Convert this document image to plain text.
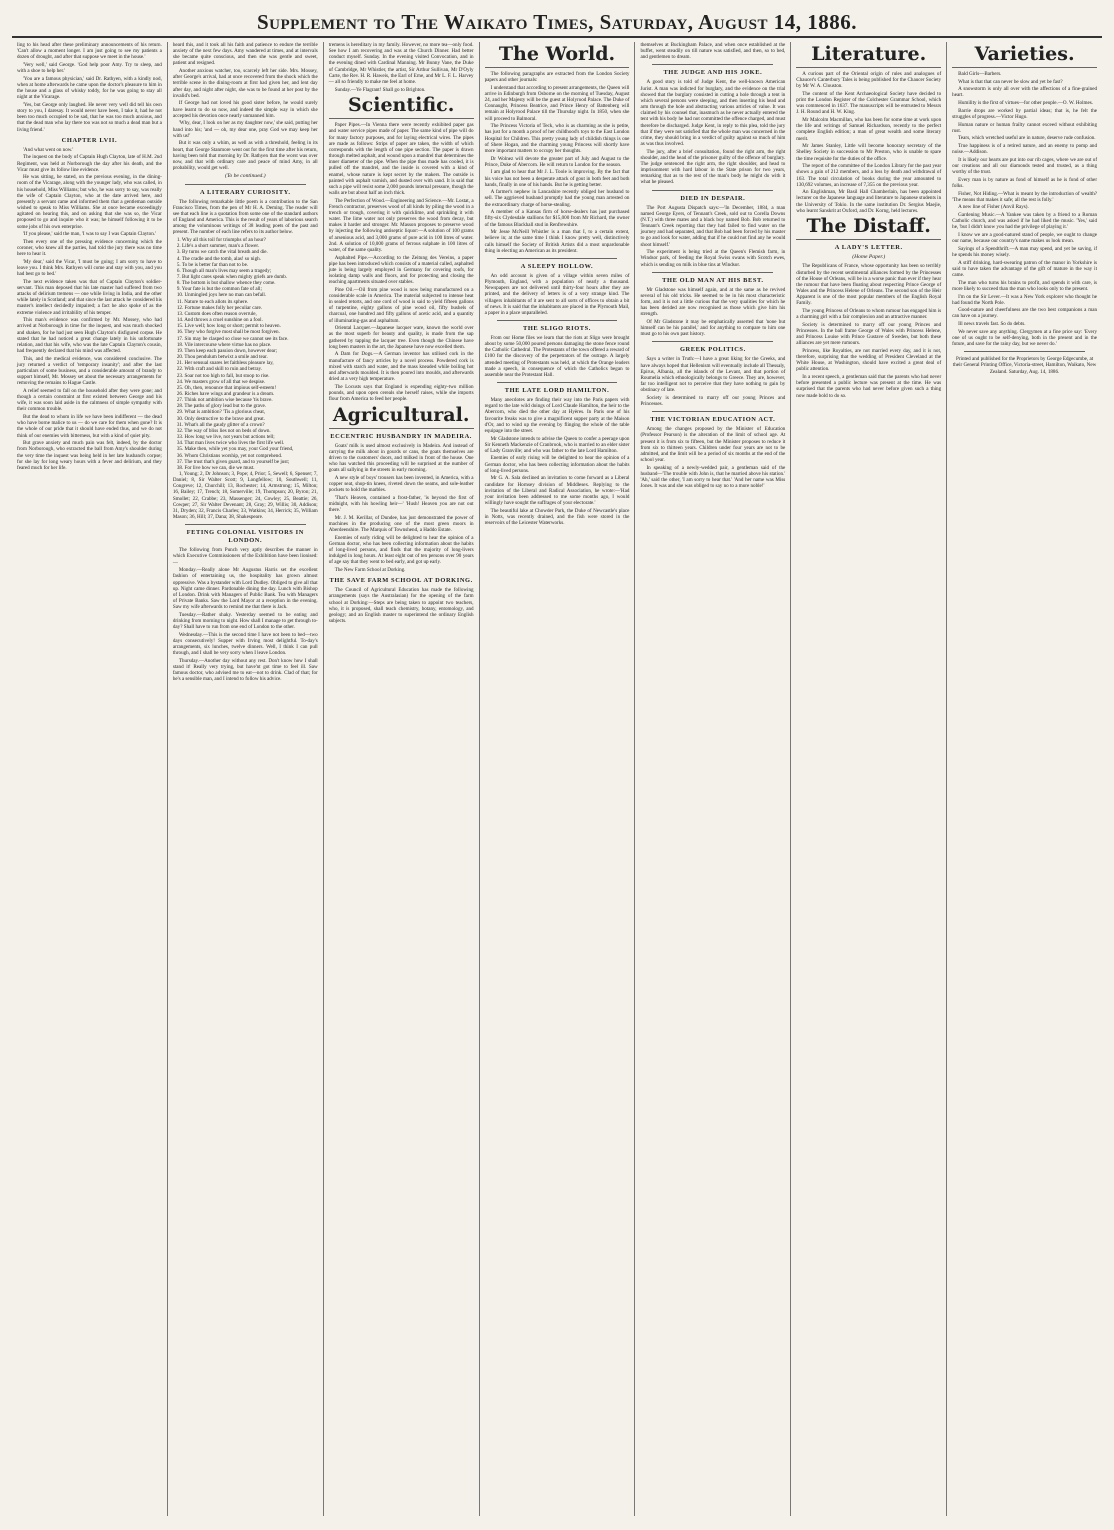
Supplement to The Waikato Times, Saturday, August 14, 1886.

ling to his head after these preliminary announcements of his return. 'Can't allow a moment longer. I am just going to see my patients a dozen of drought, and after that suppose we meet in the house.'

'Very well,' said George. 'God help poor Amy. Try to sleep, and with a shoe to help her.'

'You are a famous physician,' said Dr. Rathyen, with a kindly nod, when at home afterwards he came upon the doctor's pleasure to him in the house and a glass of whisky toddy, for he was going to stay all night at the Vicarage.

'Yes, but George only laughed. He never very well did tell his own story to you, I daresay. It would never have been, I take it, had he not been too much occupied to be sad, that he was too much anxious, and that the dead man who lay there too was not so much a dead man but a living friend.'

CHAPTER LVII.

'And what went on now.'

The inquest on the body of Captain Hugh Clayton, late of H.M. 2nd Regiment, was held at Norborough the day after his death, and the Vicar must give its follow line evidence.

He was sitting, he stated, on the previous evening, in the dining-room of the Vicarage, along with the younger lady, who was called, in his household, Miss Williams; but who, he was sorry to say, was really the wife of Captain Clayton, who at the date arrived here, and presently a servant came and informed them that a gentleman outside wished to speak to Miss Williams. She at once became exceedingly agitated on hearing this, and on asking that she was so, the Vicar proposed to go and inquire who it was; he himself following it to be some jobs of his own enterprise.

'If you please,' said the man, 'I was to say I was Captain Clayton.'

Then every one of the pressing evidence concerning which the coroner, who knew all the parties, had told the jury there was no time here to hear it.

'My dear,' said the Vicar, 'I must be going; I am sorry to have to leave you. I think Mrs. Rathyen will come and stay with you, and you had best go to bed.'

The next evidence taken was that of Captain Clayton's soldier-servant. This man deposed that his late master had suffered from two attacks of delirium tremens — one while living in India, and the other while lately in Scotland; and that since the last attack he considered his master's intellect decidedly impaired; a fact he also spoke of as the extreme violence and irritability of his temper.

This man's evidence was confirmed by Mr. Mossey, who had arrived at Norborough in time for the inquest, and was much shocked and shaken, for he had just seen Hugh Clayton's disfigured corpse. He stated that he had noticed a great change lately in his unfortunate relation, and that his wife, who was the late Captain Clayton's cousin, had frequently declared that his mind was affected.

This, and the medical evidence, was considered conclusive. The jury returned a verdict of 'temporary insanity'; and after the last particulars of some business, and a considerable amount of brandy to support himself, Mr. Mossey set about the necessary arrangements for removing the remains to Hague Castle.

A relief seemed to fall on the household after they were gone; and though a certain constraint at first existed between George and his wife, it was soon laid aside in the calmness of simple sympathy with their common trouble.

But the dead to whom in life we have been indifferent — the dead who have borne malice to us — do we care for them when gone? It is the whole of our pride that it should have ended thus, and we do not think of our enemies with bitterness, but with a kind of quiet pity.

But grave anxiety and much pain was felt, indeed, by the doctor from Norborough, who extracted the ball from Amy's shoulder during the very time the inquest was being held in her late husband's corpse; for she lay for long weary hours with a fever and delirium, and they feared much for her life.

heard this, and it took all his faith and patience to endure the terrible anxiety of the next few days. Amy wandered at times, and at intervals she became quite conscious, and then she was gentle and sweet, patient and resigned.

Another anxious watcher, too, scarcely left her side. Mrs. Mossey, after George's arrival, had at once recovered from the shock which the terrible scene in the dining-room at first had given her, and lent day after day, and night after night, she was to be found at her post by the invalid's bed.

If George had not loved his good sister before, he would surely have learnt to do so now, and indeed the simple way in which she accepted his devotion once nearly unmanned him.

'Why, dear, I look on her as my daughter now,' she said, putting her hand into his; 'and — oh, my dear one, pray God we may keep her with us!'

But it was only a whim, as well as with a threshold, feeling in its heart, that George Stanmore went out for the first time after his return, having been told that morning by Dr. Rathyen that the worst was over now, and that with ordinary care and peace of mind Amy, in all probability, would get well.

(To be continued.)
A LITERARY CURIOSITY.

The following remarkable little poem is a contribution to the San Francisco Times, from the pen of Mr H. A. Deming. The reader will see that each line is a quotation from some one of the standard authors of England and America. This is the result of years of laborious search among the voluminous writings of 38 leading poets of the past and present. The number of each line refers to its author below.

1. Why all this toil for triumphs of an hour?
2. Life's a short summer, man's a flower.
3. By turns we catch the vital breath and die.
4. The cradle and the tomb, alas! so nigh.
5. To be is better far than not to be.
6. Though all man's lives may seem a tragedy;
7. But light cares speak when mighty griefs are dumb.
8. The bottom is but shallow whence they come.
9. Your fate is but the common fate of all;
10. Unmingled joys here no man can befall.
11. Nature to each allots its sphere.
12. Fortune makes folly her peculiar care.
13. Custom does often reason overrule,
14. And throws a cruel sunshine on a fool.
15. Live well; how long or short; permit to heaven.
16. They who forgive most shall be most forgiven.
17. Sin may be clasped so close we cannot see its face.
18. Vile intercourse where virtue has no place.
19. Then keep each passion down, however dear;
20. Thou pendulum betwixt a smile and tear.
21. Her sensual snares let faithless pleasure lay,
22. With craft and skill to ruin and betray.
23. Soar not too high to fall, but stoop to rise.
24. We masters grow of all that we despise.
25. Oh, then, renounce that impious self-esteem!
26. Riches have wings and grandeur is a dream.
27. Think not ambition wise because 'tis brave.
28. The paths of glory lead but to the grave.
29. What is ambition? 'Tis a glorious cheat,
30. Only destructive to the brave and great.
31. What's all the gaudy glitter of a crown?
32. The way of bliss lies not on beds of down.
33. How long we live, not years but actions tell;
34. That man lives twice who lives the first life well.
35. Make then, while yet you may, your God your friend,
36. Whom Christians worship, yet not comprehend.
37. The trust that's given guard, and to yourself be just;
38. For live how we can, die we must.

1, Young; 2, Dr Johnson; 3, Pope; 4, Prior; 5, Sewell; 6, Spenser; 7, Daniel; 8, Sir Walter Scott; 9, Longfellow; 10, Southwell; 11, Congreve; 12, Churchill; 13, Rochester; 14, Armstrong; 15, Milton; 16, Bailey; 17, Trench; 18, Somerville; 19, Thompson; 20, Byron; 21, Smollet; 22, Crabbe; 23, Massenger; 24, Cowley; 25, Beattie; 26, Cowper; 27, Sir Walter Devenant; 28, Gray; 29, Willis; 30, Addison; 31, Dryden; 32, Francis Charles; 33, Watkins; 34, Herrick; 35, William Mason; 36, Hill; 37, Dana; 38, Shakespeare.

FETING COLONIAL VISITORS IN LONDON.

The following from Punch very aptly describes the manner in which Executive Commissioners of the Exhibition have been lionised:—

Monday.—Really alone Mr Augustus Harris set the excellent fashion of entertaining us, the hospitality has grown almost oppressive. Was a bystander with Lord Dudley. Obliged to give all that up. Night came dinner. Pardonable dining the day. Lunch with Bishop of London. Drink with Managers of Public Bank. Tea with Managers of Private Banks. Saw the Lord Mayor at a reception in the evening. Saw my wife afterwards to remind me that there is Jack.

Tuesday.—Rather shaky. Yesterday seemed to be eating and drinking from morning to night. How shall I manage to get through to-day? Shall have to run from one end of London to the other.

Wednesday.—This is the second time I have not been to bed—two days consecutively! Supper with Irving most delightful. To-day's arrangements, six lunches, twelve dinners. Well, I think I can pull through, and I shall be very sorry when I leave London.

Thursday.—Another day without any rest. Don't know how I shall stand it! Really very trying, but have'nt got time to feel ill. Saw famous doctor, who advised me to eat—not to drink. Clad of that; for he's a sensible man, and I intend to follow his advice.

tremens is hereditary in my family. However, no more tea—only food. See how I am recovering and was at the Church Dinner. Had better conduct myself. Sunday. In the evening visited Convocation, and in the evening dined with Cardinal Manning. Mr Bunny Vane, the Duke of Cambridge, Mr Whistler, the artist, Sir Arthur Sullivan, Mr D'Oyly Carte, the Rev. H. R. Haweis, the Earl of Erne, and Mr L. F. L. Harvey — all so friendly to make me feel at home.

Sunday.—Ye Flagrant! Shall go to Brighton.

Scientific.

Paper Pipes.—In Vienna there were recently exhibited paper gas and water service pipes made of paper. The same kind of pipe will do for many factory purposes, and for laying electrical wires. The pipes are made as follows: Strips of paper are taken, the width of which corresponds with the length of one pipe section. The paper is drawn through melted asphalt, and wound upon a mandrel that determines the inner diameter of the pipe. When the pipe thus made has cooled, it is pulled off the mandrel, and the inside is covered with a kind of enamel, whose nature is kept secret by the makers. The outside is painted with asphalt varnish, and dusted over with sand. It is said that such a pipe will resist some 2,000 pounds internal pressure, though the walls are but about half an inch thick.

The Perfection of Wood.—Engineering and Science.—Mr. Lostat, a French contractor, preserves wood of all kinds by piling the wood in a trench or trough, covering it with quicklime, and sprinkling it with water. The lime water not only preserves the wood from decay, but makes it harder and stronger. Mr. Masson proposes to preserve wood by injecting the following antiseptic liquor:—A solution of 100 grams of arsenious acid, and 3,000 grams of pure acid in 100 litres of water. 2nd. A solution of 10,000 grams of ferrous sulphate in 100 litres of water, of the same quality.

Asphalted Pipe.—According to the Zeitung des Vereins, a paper pipe has been introduced which consists of a material called, asphalted jute is being largely employed in Germany for covering roofs, for isolating damp walls and floors, and for protecting and closing the reaching apartments situated over stables.

Pine Oil.—Oil from pine wood is now being manufactured on a considerable scale in America. The material subjected to intense heat in sealed retorts, and one cord of wood is said to yield fifteen gallons of turpentine, eighty gallons of pine wood oil, fifty bushels of charcoal, one hundred and fifty gallons of acetic acid, and a quantity of illuminating-gas and asphaltum.

Oriental Lacquer.—Japanese lacquer ware, known the world over as the most superb for beauty and quality, is made from the sap gathered by tapping the lacquer tree. Even though the Chinese have long been masters in the art, the Japanese have now excelled them.

A Dam for Dogs.—A German inventor has utilised cork in the manufacture of fancy articles by a novel process. Powdered cork is mixed with starch and water, and the mass kneaded while boiling hot and afterwards moulded. It is then poured into moulds, and afterwards dried at a very high temperature.

The Locusts says that England is expending eighty-two million pounds, and upon open cereals she herself raises, while she imports flour from America to feed her people.

Agricultural.
ECCENTRIC HUSBANDRY IN MADEIRA.

Goats' milk is used almost exclusively in Madeira. And instead of carrying the milk about in gourds or cans, the goats themselves are driven to the customers' doors, and milked in front of the house. One who has watched this proceeding will be surprised at the number of goats all sallying in the streets in early morning.

A new style of boys' trousers has been invented, in America, with a copper seat, shop-tin knees, riveted down the seams, and sole-leather pockets to hold the marbles.

'That's Heaven, contained a frost-father, 'is beyond the first of midnight, with his howling heir—' 'Hush! Heaven you are not out there.'

Mr. J. M. Kerillar, of Dundee, has just demonstrated the power of machines in the producing one of the most green moors in Aberdeenshire. The Marquis of Townshend, a Haddo Estate.

Enemies of early riding will be delighted to hear the opinion of a German doctor, who has been collecting information about the habits of long-lived persons, and finds that the majority of long-livers indulged in long hours. At least eight out of ten persons over 90 years of age say that they went to bed early, and got up early.

The New Farm School at Dorking.

THE SAVE FARM SCHOOL AT DORKING.

The Council of Agricultural Education has made the following arrangements (says the Australasian) for the opening of the farm school at Dorking:—Steps are being taken to appoint two teachers, who, it is proposed, shall teach chemistry, botany, entomology, and geology; and an English master to superintend the ordinary English subjects.

The World.

The following paragraphs are extracted from the London Society papers and other journals:

I understand that according to present arrangements, the Queen will arrive in Edinburgh from Osborne on the morning of Tuesday, August 24, and her Majesty will be the guest at Holyrood Palace. The Duke of Connaught, Princess Beatrice, and Prince Henry of Battenberg will remain at Holyrood Palace till the Thursday night. In 1850, when she will proceed to Balmoral.

The Princess Victoria of Teck, who is as charming as she is petite, has just for a month a proof of her childhood's toys to the East London Hospital for Children. This pretty young lady of childish things is one of Shere Hogan, and the charming young Princess will shortly have more important matters to occupy her thoughts.

Dr Wolnez will devote the greater part of July and August to the Prince, Duke of Abercorn. He will return to London for the season.

I am glad to hear that Mr J. L. Toole is improving. By the fact that his voice has not been a desperate attack of gout in both feet and both hands, finally in one of his hands. But he is getting better.

A farmer's nephew in Lancashire recently obliged her husband to sell. The aggrieved husband promptly had the young man arrested on the extraordinary charge of horse-stealing.

A member of a Kansas firm of horse-dealers has just purchased fifty-six Clydesdale stallions for $15,000 from Mr Richard, the owner of the famous Blackhall stud in Renfrewshire.

Mr Jesse McNeill Whistler is a man that I, to a certain extent, believe in; at the same time I think I know pretty well, distinctively calls himself the Society of British Artists did a most unpardonable thing in electing an American as its president.

A SLEEPY HOLLOW.

An odd account is given of a village within seven miles of Plymouth, England, with a population of nearly a thousand. Newspapers are not delivered until thirty-four hours after they are printed, and the delivery of letters is of a very strange kind. The villagers inhabitants of it are sent to all sorts of offices to obtain a bit of news. It is said that the inhabitants are placed in the Plymouth Mail, a paper in a place unparalleled.

THE SLIGO RIOTS.

From our Home files we learn that the riots at Sligo were brought about by some 50,000 poured persons damaging the stone fence round the Catholic Cathedral. The Protestants of the town offered a reward of £100 for the discovery of the perpetrators of the outrage. A largely attended meeting of Protestants was held, at which the Orange leaders made a speech, in consequence of which the Catholics began to assemble near the Protestant Hall.

THE LATE LORD HAMILTON.

Many anecdotes are finding their way into the Paris papers with regard to the late wild doings of Lord Claude Hamilton, the heir to the Abercorn, who died the other day at Hyères. In Paris one of his favourite freaks was to give a magnificent supper party at the Maison d'Or, and to wind up the evening by flinging the whole of the table equipage into the street.

Mr Gladstone intends to advise the Queen to confer a peerage upon Sir Kenneth Mackenzie of Cranbrook, who is married to an elder sister of Lady Granville; and who was father to the late Lord Hamilton.

Enemies of early rising will be delighted to hear the opinion of a German doctor, who has been collecting information about the habits of long-lived persons.

Mr G. A. Sala declined an invitation to come forward as a Liberal candidate for Hornsey division of Middlesex. Replying to the invitation of the Liberal and Radical Association, he wrote:—'Had your invitation been addressed to me some months ago, I would willingly have sought the suffrages of your electorate.'

The beautiful lake at Chowder Park, the Duke of Newcastle's place in Notts, was recently drained, and the fish were stored in the reservoirs of the Leicester Waterworks.

themselves at Buckingham Palace, and when once established at the buffet, went steadily on till nature was satisfied, and then, so to bed, and gentlemen to dream.

THE JUDGE AND HIS JOKE.

A good story is told of Judge Kent, the well-known American Jurist. A man was indicted for burglary, and the evidence on the trial showed that the burglary consisted in cutting a hole through a tent in which several persons were sleeping, and then inserting his head and arm through the hole and abstracting various articles of value. It was claimed by his counsel that, inasmuch as he never actually entered the tent with his body he had not committed the offence charged, and must therefore be discharged. Judge Kent, in reply to this plea, told the jury that if they were not satisfied that the whole man was concerned in the crime, they should bring in a verdict of guilty against so much of him as was thus involved.

The jury, after a brief consultation, found the right arm, the right shoulder, and the head of the prisoner guilty of the offence of burglary. The judge sentenced the right arm, the right shoulder, and head to imprisonment with hard labour in the State prison for two years, remarking that as to the rest of the man's body he might do with it what he pleased.

DIED IN DESPAIR.

The Port Augusta Dispatch says:—'In December, 1884, a man named George Eyers, of Tennant's Creek, sold out to Corella Downs (N.T.) with three mates and a black boy named Bob. Bob returned to Tennant's Creek reporting that they had failed to find water on the journey and had separated, and that Bob had been forced by his master to go and look for water, adding that if he could not find any he would shoot himself.'

The experiment is being tried at the Queen's Flemish farm, in Windsor park, of feeding the Royal Swiss swans with Scotch ewes, which is sending on milk in blue tins at Windsor.

THE OLD MAN AT HIS BEST.

Mr Gladstone was himself again, and at the same as he revived several of his old tricks. He seemed to be in his most characteristic form, and it is not a little curious that the very qualities for which he has been derided are now recognised as those which give him his strength.

Of Mr Gladstone it may be emphatically asserted that 'none but himself can be his parallel,' and for anything to compare to him one must go to his own past history.

GREEK POLITICS.

Says a writer in Truth:—I have a great liking for the Greeks, and have always hoped that Hellenism will eventually include all Thessaly, Epirus, Albania, all the islands of the Levant, and that portion of Roumelia which ethnologically belongs to Greece. They are, however, far too intelligent not to perceive that they have nothing to gain by obstinacy of late.

Society is determined to marry off our young Princes and Princesses.

THE VICTORIAN EDUCATION ACT.

Among the changes proposed by the Minister of Education (Professor Pearson) is the alteration of the limit of school age. At present it is from six to fifteen, but the Minister proposes to reduce it from six to thirteen years. Children under four years are not to be admitted, and the limit will be a period of six months at the end of the school year.

In speaking of a newly-wedded pair, a gentleman said of the husband—'The trouble with John is, that he married above his station.' 'Ah,' said the other, 'I am sorry to hear that.' 'And her name was Miss Jones. It was and she was obliged to say no to a more noble!'

Literature.

A curious part of the Oriental origin of rules and analogues of Chaucer's Canterbury Tales is being published for the Chaucer Society by Mr W. A. Clouston.

The content of the Kent Archaeological Society have decided to print the London Register of the Colchester Grammar School, which was commenced in 1637. The manuscripts will be entrusted to Messrs J. H. Round and H. W. King.

Mr Malcolm Macmillan, who has been for some time at work upon the life and writings of Samuel Richardson, recently to the perfect complete English edition; a man of great wealth and some literary merit.

Mr James Stanley, Little will become honorary secretary of the Shelley Society in succession to Mr Preston, who is unable to spare the time requisite for the duties of the office.

The report of the committee of the London Library for the past year shows a gain of 212 members, and a loss by death and withdrawal of 163. The total circulation of books during the year amounted to 130,692 volumes, an increase of 7,355 on the previous year.

An Englishman, Mr Basil Hall Chamberlain, has been appointed lecturer on the Japanese language and literature to Japanese students in the University of Tokio. In the same institution Dr. Sergius Maejie, who learnt Sanskrit at Oxford, and Dr. Korng, held lectures.

The Distaff.
A LADY'S LETTER.
(Home Paper.)

The Republicans of France, whose opportunity has been so terribly disturbed by the recent sentimental alliances formed by the Princesses of the House of Orleans, will be in a worse panic than ever if they hear the rumour that have been floating about respecting Prince George of Wales and the Princess Helene of Orleans. The second son of the Heir Apparent is one of the most popular members of the English Royal Family.

The young Princess of Orleans to whom rumour has engaged him is a charming girl with a fair complexion and an attractive manner.

Society is determined to marry off our young Princes and Princesses. In the ball frame George of Wales with Princess Helene, and Princess Louise with Prince Gustave of Sweden, but both these alliances are yet mere rumours.

Princess, like Royalties, are not married every day, and it is not, therefore, surprising that the wedding of President Cleveland at the White House, at Washington, should have excited a great deal of public attention.

In a recent speech, a gentleman said that the parents who had never before presented a public lecture was present at the time. He was surprised that the parents who had never before given such a thing now made bold to do so.

Varieties.

Bald Girls—Barbers.

What is that that can never be slow and yet be fast?

A snowstorm is only all over with the affections of a fine-grained heart.

Humility is the first of virtues—for other people.—O. W. Holmes.

Barrie drops are worked by partial ideas; that is, he felt the struggles of progress.—Victor Hugo.

Human nature or human frailty cannot exceed without exhibiting rust.

Tears, which wretched useful are in nature, deserve rude confusion.

True happiness is of a retired nature, and an enemy to pomp and noise.—Addison.

It is likely our hearts are put into our rib cages, where we are out of our creations and all our diamonds tested and trusted, as a thing worthy of the trust.

Every man is by nature as fond of himself as he is fond of other folks.

Fisher, Not Hiding.—What is meant by the introduction of wealth? 'The means that makes it safe; all the rest is folly.'

A new line of Fisher (Anvil Rays).

Gardening Music.—A Yankee was taken by a friend to a Roman Catholic church, and was asked if he had liked the music. 'Yes,' said he, 'but I didn't know you had the privilege of playing it.'

I know we are a good-natured stand of people, we ought to change our name, because our country's name makes us look mean.

Sayings of a Spendthrift.—A man may spend, and yet be saving, if he spends his money wisely.

A stiff drinking, hard-swearing patron of the manor in Yorkshire is said to have taken the advantage of the gift of mature in the way it came.

The man who turns his brains to profit, and spends it with care, is more likely to succeed than the man who looks only to the present.

I'm on the Sir Lever.—It was a New York explorer who thought he had found the North Pole.

Good-nature and cheerfulness are the two best companions a man can have on a journey.

Ill news travels fast. So do debts.

We never save any anything. Clergymen at a fine price say: 'Every one of us ought to be self-denying, both in the present and in the future, and save for the rainy day, but we never do.'

Printed and published for the Proprietors by George Edgecumbe, at their General Printing Office, Victoria-street, Hamilton, Waikato, New Zealand. Saturday, Aug. 14, 1886.
